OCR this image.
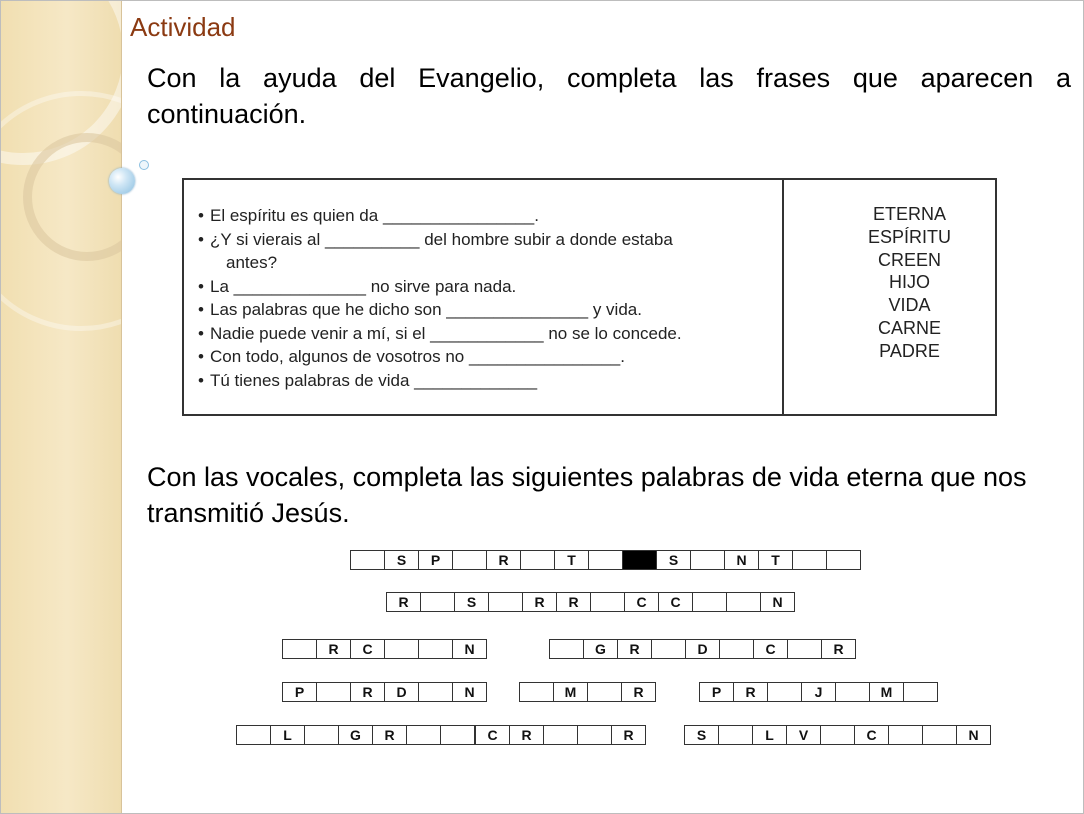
Actividad
Con la ayuda del Evangelio, completa las frases que aparecen a continuación.
• El espíritu es quien da ________________.
• ¿Y si vierais al __________ del hombre subir a donde estaba
antes?
• La ______________ no sirve para nada.
• Las palabras que he dicho son _______________ y vida.
• Nadie puede venir a mí, si el ____________ no se lo concede.
• Con todo, algunos de vosotros no ________________.
• Tú tienes palabras de vida _____________
ETERNA
ESPÍRITU
CREEN
HIJO
VIDA
CARNE
PADRE
Con las vocales, completa las siguientes palabras de vida eterna que nos transmitió Jesús.
S	P	R	T	S	N	T
R	S	R	R	C	C	N
R	C	N	G	R	D	C	R
P	R	D	N	M	R	P	R	J	M
L	G	R	C	R	R	S	L	V	C	N
